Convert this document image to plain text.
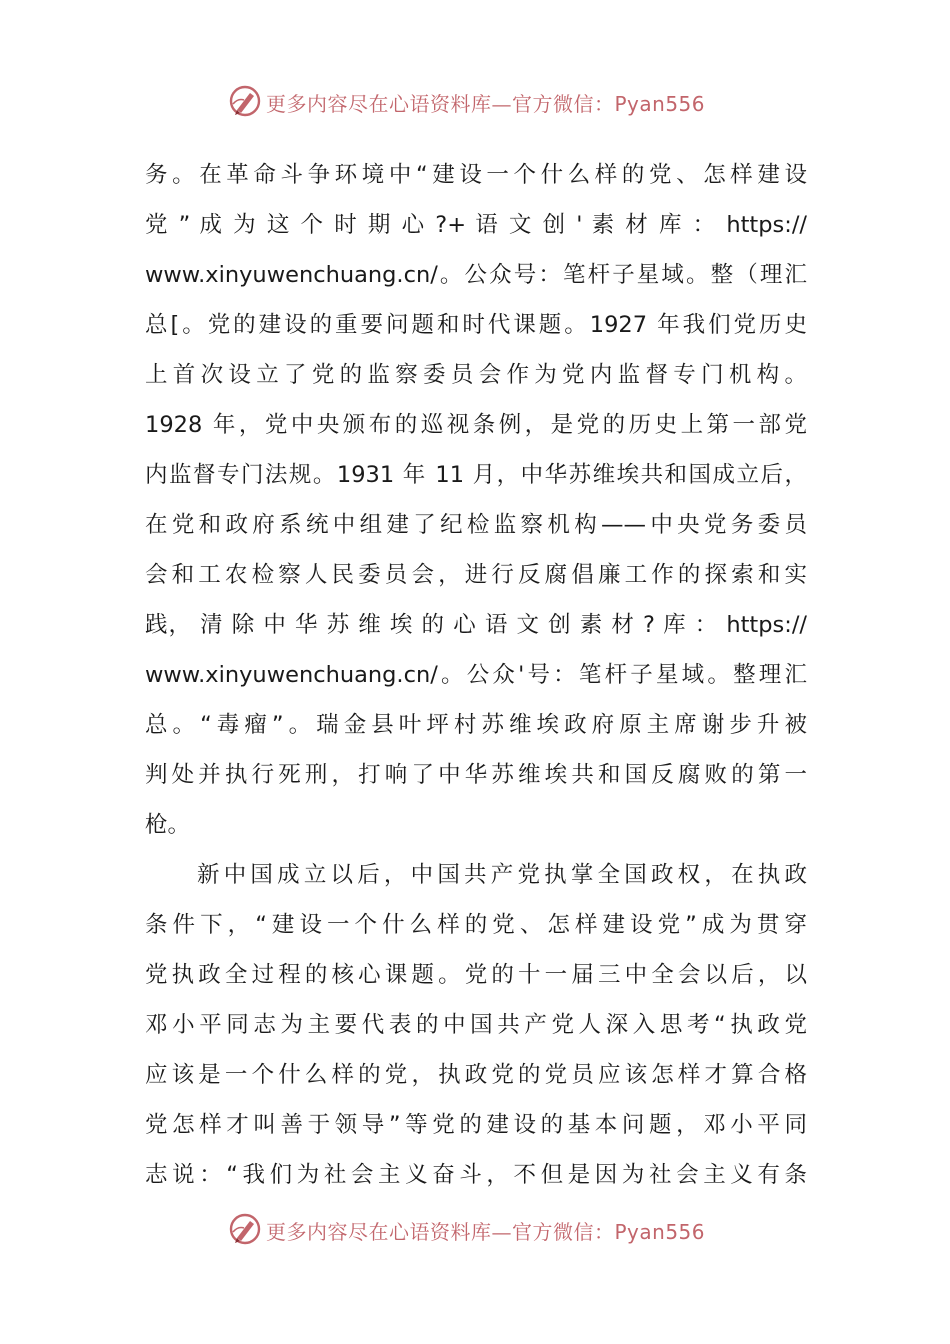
更多内容尽在心语资料库—官方微信：Pyan556
务。在革命斗争环境中“建设一个什么样的党、怎样建设
党 ” 成 为 这 个 时 期 心 ?+ 语 文 创 ' 素 材 库 ： https://
www.xinyuwenchuang.cn/。公众号：笔杆子星域。整（理汇
总[。党的建设的重要问题和时代课题。1927 年我们党历史
上首次设立了党的监察委员会作为党内监督专门机构。
1928 年，党中央颁布的巡视条例，是党的历史上第一部党
内监督专门法规。1931 年 11 月，中华苏维埃共和国成立后，
在党和政府系统中组建了纪检监察机构——中央党务委员
会和工农检察人民委员会，进行反腐倡廉工作的探索和实
践， 清 除 中 华 苏 维 埃 的 心 语 文 创 素 材 ? 库 ： https://
www.xinyuwenchuang.cn/。公众'号：笔杆子星域。整理汇
总。“毒瘤”。瑞金县叶坪村苏维埃政府原主席谢步升被
判处并执行死刑，打响了中华苏维埃共和国反腐败的第一
枪。
新中国成立以后，中国共产党执掌全国政权，在执政
条件下，“建设一个什么样的党、怎样建设党”成为贯穿
党执政全过程的核心课题。党的十一届三中全会以后，以
邓小平同志为主要代表的中国共产党人深入思考“执政党
应该是一个什么样的党，执政党的党员应该怎样才算合格
党怎样才叫善于领导”等党的建设的基本问题，邓小平同
志说：“我们为社会主义奋斗，不但是因为社会主义有条
更多内容尽在心语资料库—官方微信：Pyan556
